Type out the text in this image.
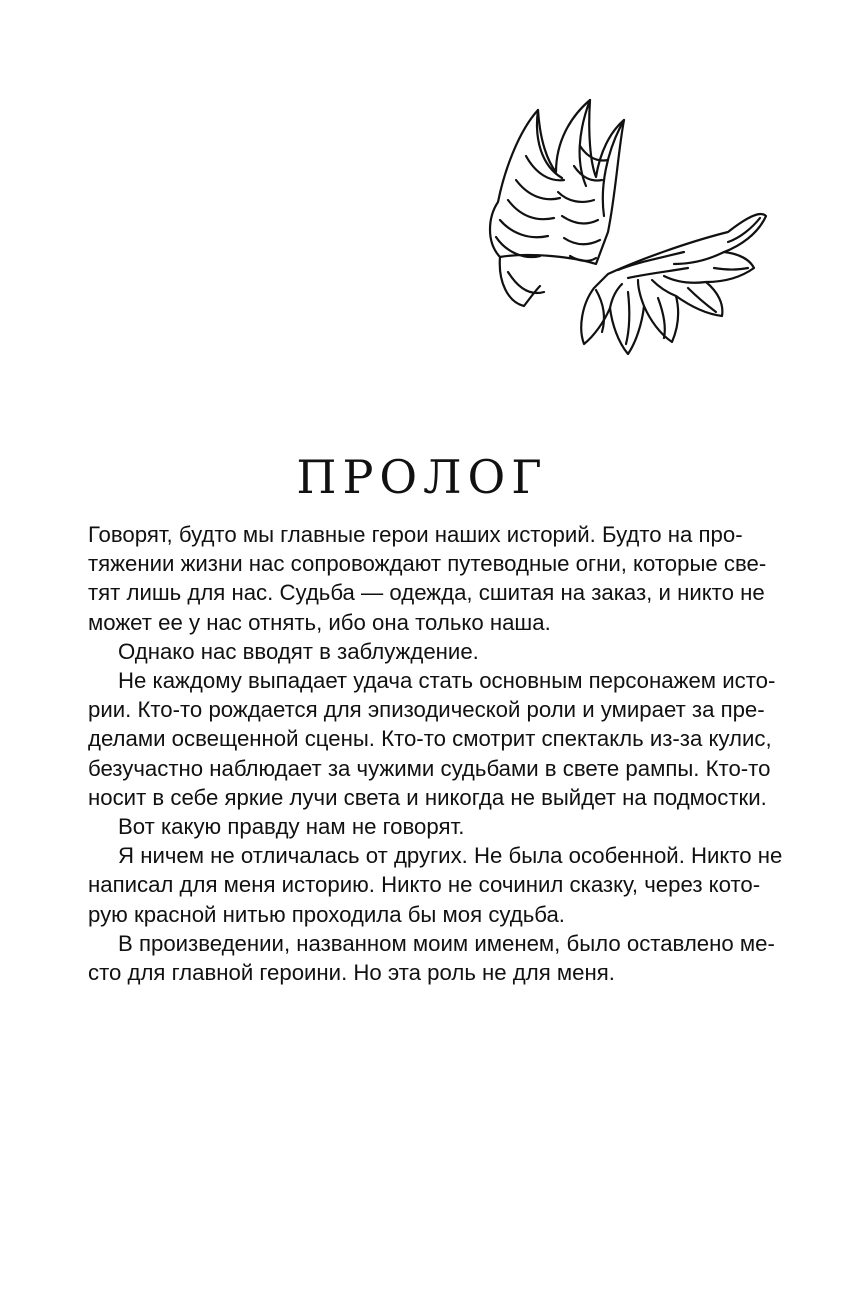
ПРОЛОГ
Говорят, будто мы главные герои наших историй. Будто на про-
тяжении жизни нас сопровождают путеводные огни, которые све-
тят лишь для нас. Судьба — одежда, сшитая на заказ, и никто не
может ее у нас отнять, ибо она только наша.
Однако нас вводят в заблуждение.
Не каждому выпадает удача стать основным персонажем исто-
рии. Кто-то рождается для эпизодической роли и умирает за пре-
делами освещенной сцены. Кто-то смотрит спектакль из-за кулис,
безучастно наблюдает за чужими судьбами в свете рампы. Кто-то
носит в себе яркие лучи света и никогда не выйдет на подмостки.
Вот какую правду нам не говорят.
Я ничем не отличалась от других. Не была особенной. Никто не
написал для меня историю. Никто не сочинил сказку, через кото-
рую красной нитью проходила бы моя судьба.
В произведении, названном моим именем, было оставлено ме-
сто для главной героини. Но эта роль не для меня.
